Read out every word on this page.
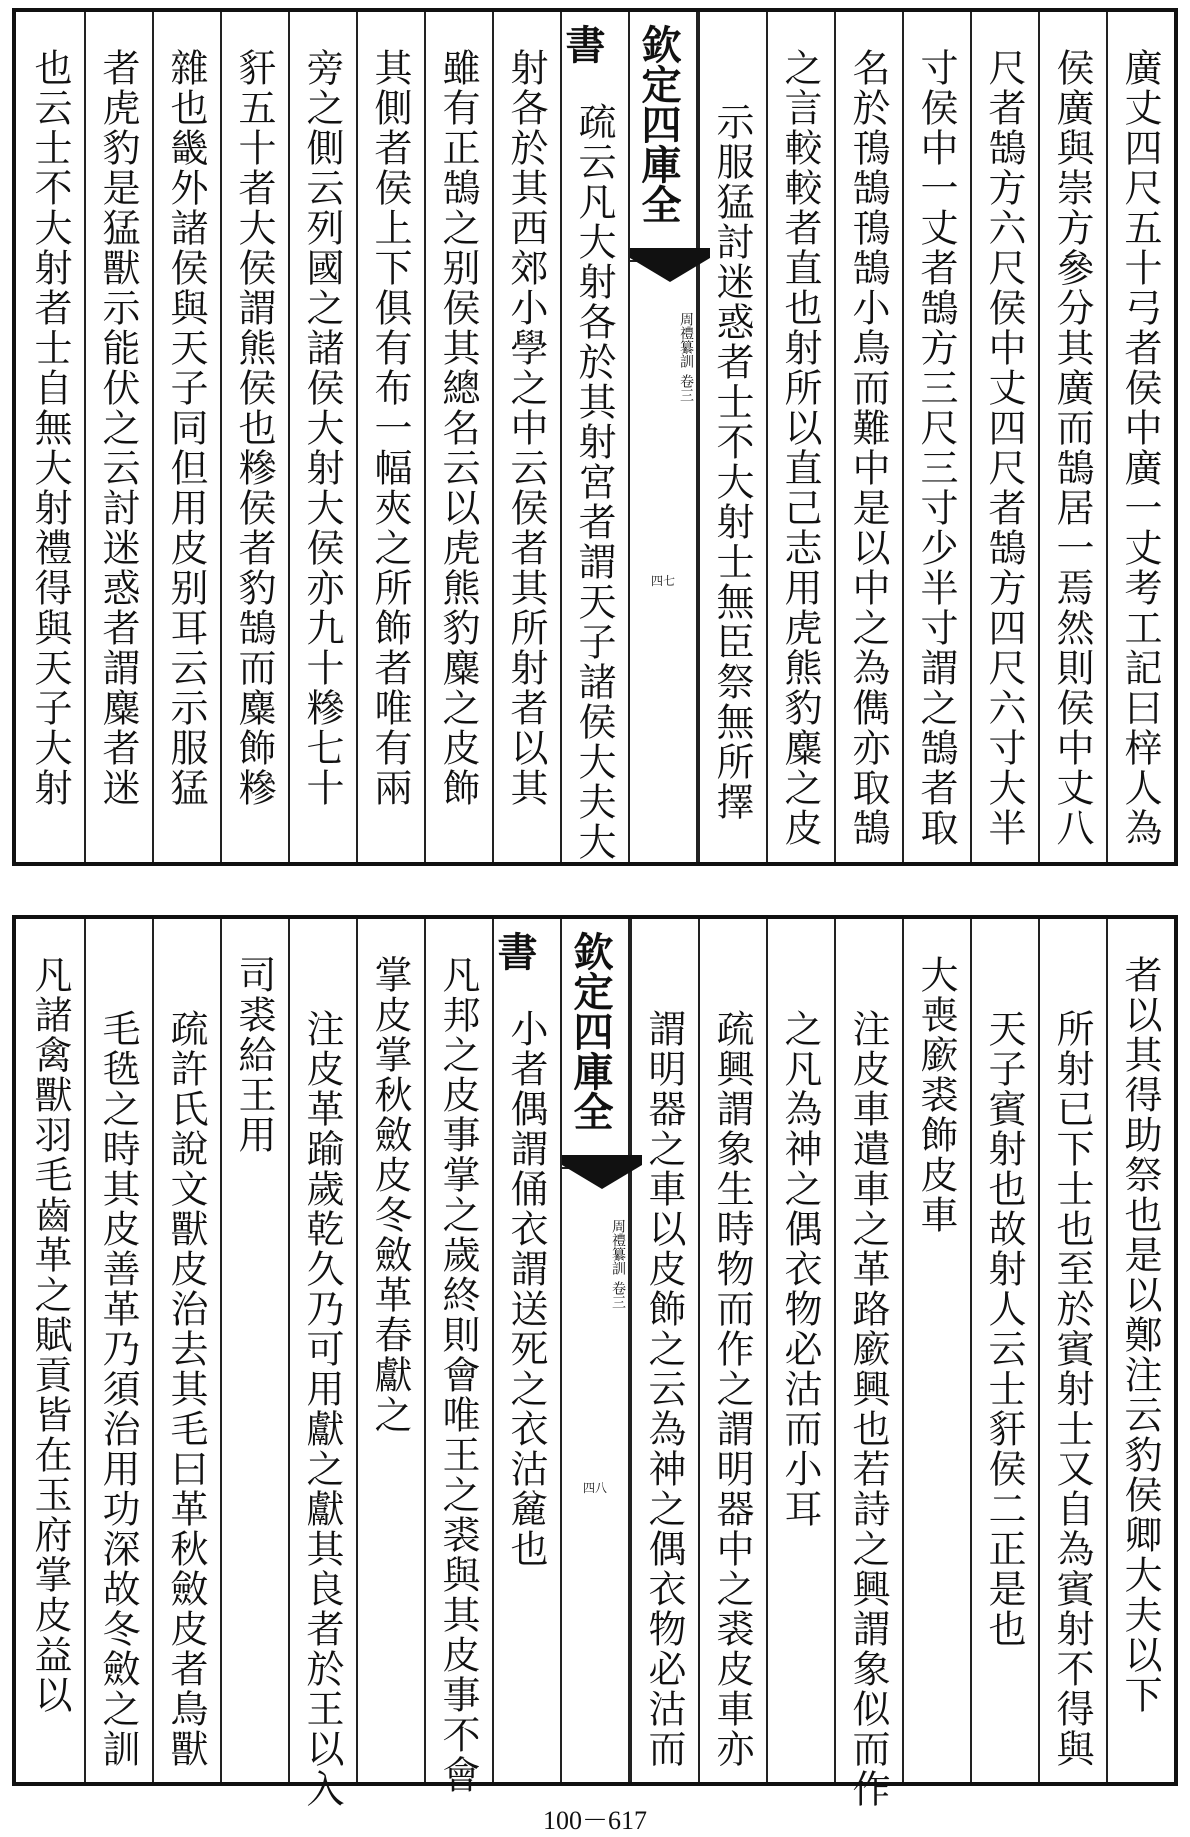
廣丈四尺五十弓者侯中廣一丈考工記曰梓人為
侯廣與崇方參分其廣而鵠居一焉然則侯中丈八
尺者鵠方六尺侯中丈四尺者鵠方四尺六寸大半
寸侯中一丈者鵠方三尺三寸少半寸謂之鵠者取
名於鳱鵠鳱鵠小鳥而難中是以中之為儁亦取鵠
之言較較者直也射所以直己志用虎熊豹麋之皮
示服猛討迷惑者士不大射士無臣祭無所擇
欽定四庫全書
周禮纂訓
卷三
四七
疏云凡大射各於其射宮者謂天子諸侯大夫大
射各於其西郊小學之中云侯者其所射者以其
雖有正鵠之别侯其總名云以虎熊豹麋之皮飾
其側者侯上下俱有布一幅夾之所飾者唯有兩
旁之側云列國之諸侯大射大侯亦九十糝七十
豻五十者大侯謂熊侯也糝侯者豹鵠而麋飾糝
雜也畿外諸侯與天子同但用皮别耳云示服猛
者虎豹是猛獸示能伏之云討迷惑者謂麋者迷
也云士不大射者士自無大射禮得與天子大射
者以其得助祭也是以鄭注云豹侯卿大夫以下
所射已下士也至於賓射士又自為賓射不得與
天子賓射也故射人云士豻侯二正是也
大喪廞裘飾皮車
注皮車遣車之革路廞興也若詩之興謂象似而作
之凡為神之偶衣物必沽而小耳
疏興謂象生時物而作之謂明器中之裘皮車亦
謂明器之車以皮飾之云為神之偶衣物必沽而
欽定四庫全書
周禮纂訓
卷三
四八
小者偶謂俑衣謂送死之衣沽麄也
凡邦之皮事掌之歲終則會唯王之裘與其皮事不會
掌皮掌秋斂皮冬斂革春獻之
注皮革踰歲乾久乃可用獻之獻其良者於王以入
司裘給王用
疏許氏說文獸皮治去其毛曰革秋斂皮者鳥獸
毛毨之時其皮善革乃須治用功深故冬斂之訓
凡諸禽獸羽毛齒革之賦貢皆在玉府掌皮益以
100－617
